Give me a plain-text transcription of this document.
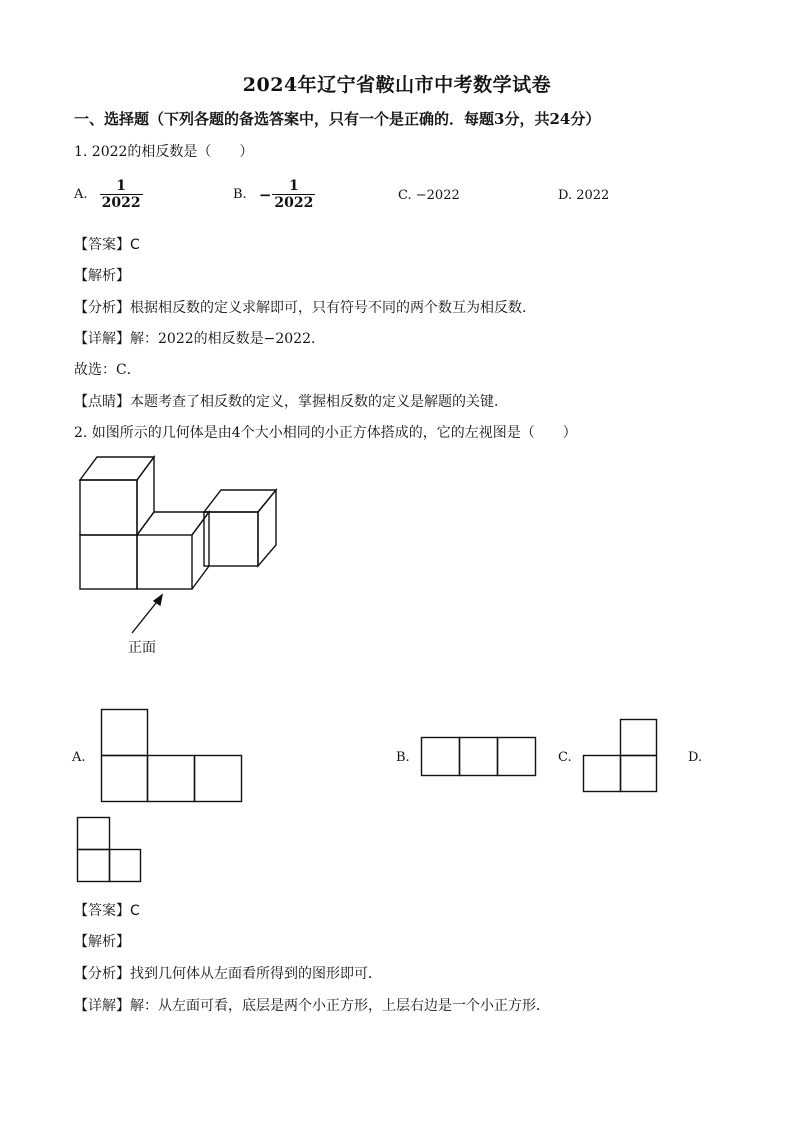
2024年辽宁省鞍山市中考数学试卷
一、选择题（下列各题的备选答案中，只有一个是正确的．每题3分，共24分）
1. 2022的相反数是（　　）
A. $\frac{1}{2022}$	B. − $\frac{1}{2022}$	C. −2022	D. 2022
【答案】C
【解析】
【分析】根据相反数的定义求解即可，只有符号不同的两个数互为相反数．
【详解】解：2022的相反数是−2022．
故选：C．
【点睛】本题考查了相反数的定义，掌握相反数的定义是解题的关键．
2. 如图所示的几何体是由4个大小相同的小正方体搭成的，它的左视图是（　　）
正面
A.	B.	C.	D.
【答案】C
【解析】
【分析】找到几何体从左面看所得到的图形即可．
【详解】解：从左面可看，底层是两个小正方形，上层右边是一个小正方形．
